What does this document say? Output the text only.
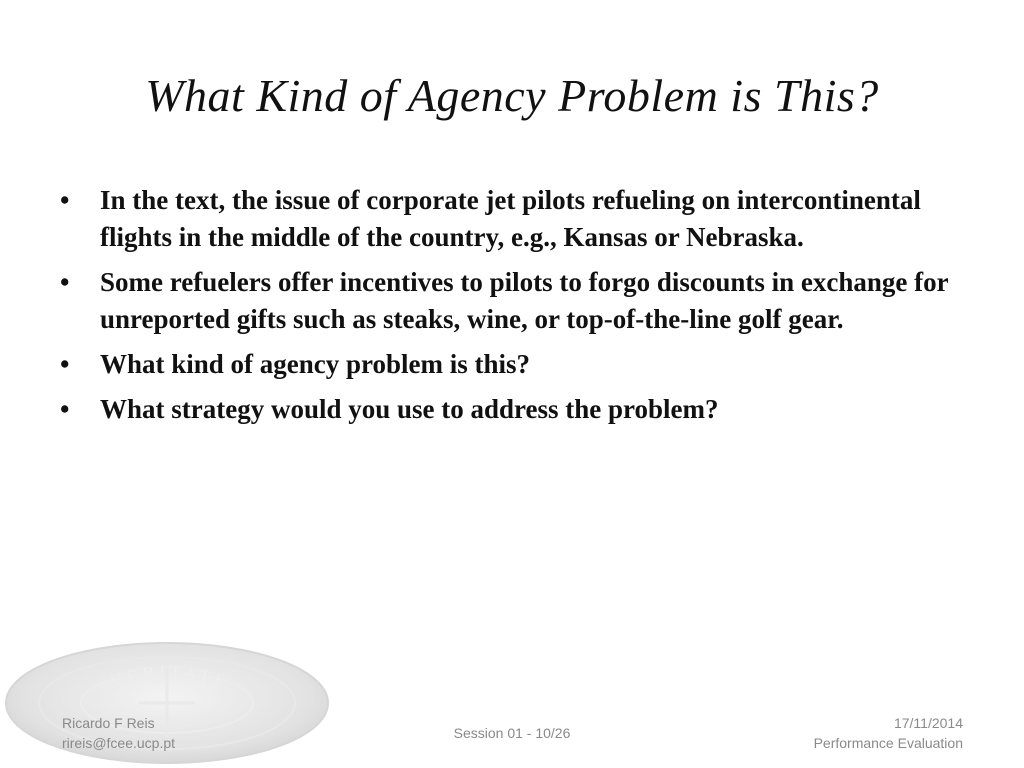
What Kind of Agency Problem is This?
•	In the text, the issue of corporate jet pilots refueling on intercontinental flights in the middle of the country, e.g., Kansas or Nebraska.
•	Some refuelers offer incentives to pilots to forgo discounts in exchange for unreported gifts such as steaks, wine, or top-of-the-line golf gear.
•	What kind of agency problem is this?
•	What strategy would you use to address the problem?
VERITATI
Ricardo F Reis
rireis@fcee.ucp.pt
Session 01 - 10/26
17/11/2014
Performance Evaluation
